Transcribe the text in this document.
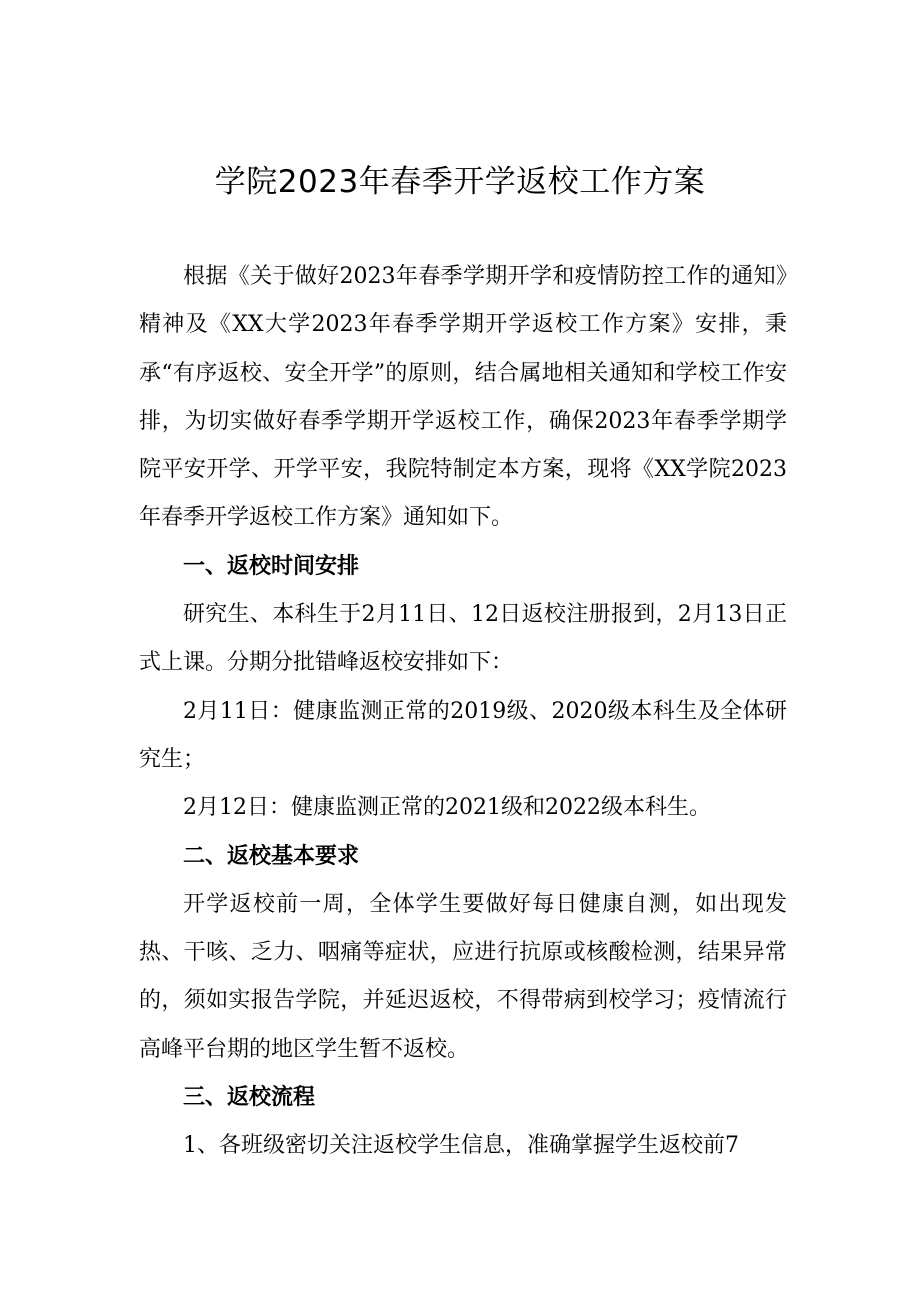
学院2023年春季开学返校工作方案

根据《关于做好2023年春季学期开学和疫情防控工作的通知》精神及《XX大学2023年春季学期开学返校工作方案》安排，秉承“有序返校、安全开学”的原则，结合属地相关通知和学校工作安排，为切实做好春季学期开学返校工作，确保2023年春季学期学院平安开学、开学平安，我院特制定本方案，现将《XX学院2023年春季开学返校工作方案》通知如下。

一、返校时间安排

研究生、本科生于2月11日、12日返校注册报到，2月13日正式上课。分期分批错峰返校安排如下：

2月11日：健康监测正常的2019级、2020级本科生及全体研究生；

2月12日：健康监测正常的2021级和2022级本科生。

二、返校基本要求

开学返校前一周，全体学生要做好每日健康自测，如出现发热、干咳、乏力、咽痛等症状，应进行抗原或核酸检测，结果异常的，须如实报告学院，并延迟返校，不得带病到校学习；疫情流行高峰平台期的地区学生暂不返校。

三、返校流程

1、各班级密切关注返校学生信息，准确掌握学生返校前7
